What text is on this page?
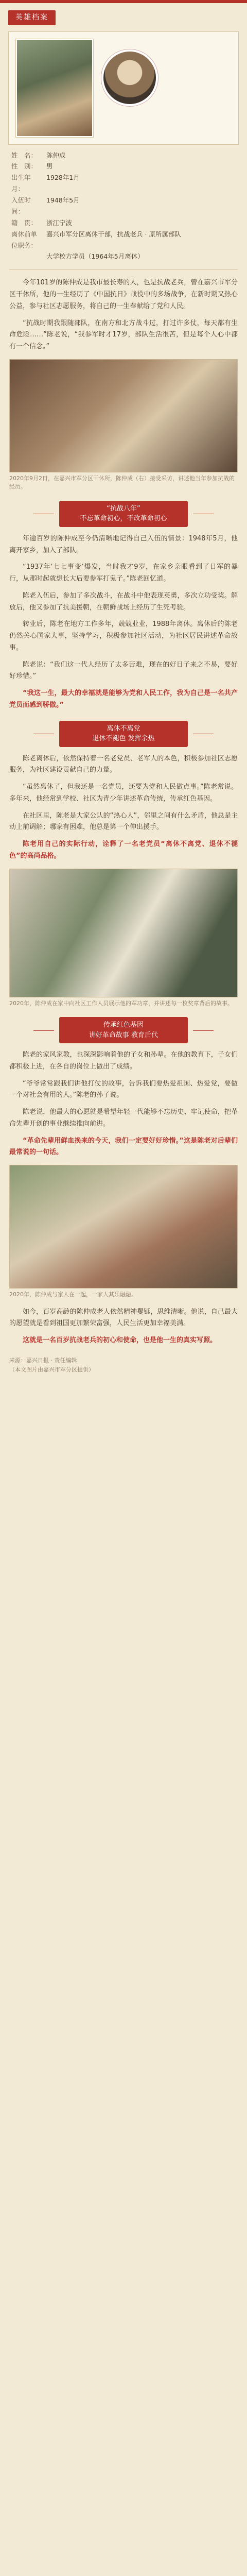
英雄档案
姓　名：	陈仲成
性　别：	男
出生年月：
1928年1月
入伍时间：
1948年5月
籍　贯：	浙江宁波
离休前单位职务：
嘉兴市军分区离休干部，抗战老兵 · 原所属部队
大学校方学员（1964年5月离休）

今年101岁的陈仲成是我市最长寿的人，也是抗战老兵，曾在嘉兴市军分区干休所，他的一生经历了《中国抗日》战役中的多场战争，在新时期又热心公益，参与社区志愿服务，将自己的一生奉献给了党和人民。

“抗战时期我跟随部队，在南方和北方战斗过，打过许多仗，每天都有生命危险……”陈老说，“我参军时才17岁，部队生活很苦，但是每个人心中都有一个信念。”

2020年9月2日，在嘉兴市军分区干休所，陈仲成（右）接受采访，讲述他当年参加抗战的经历。
“抗战八年”
不忘革命初心，不改革命初心

年逾百岁的陈仲成至今仍清晰地记得自己入伍的情景：1948年5月，他离开家乡，加入了部队。

“1937年‘七七事变’爆发，当时我才9岁，在家乡亲眼看到了日军的暴行，从那时起就想长大后要参军打鬼子。”陈老回忆道。

陈老入伍后，参加了多次战斗，在战斗中他表现英勇，多次立功受奖。解放后，他又参加了抗美援朝，在朝鲜战场上经历了生死考验。

转业后，陈老在地方工作多年，兢兢业业，1988年离休。离休后的陈老仍然关心国家大事，坚持学习，积极参加社区活动，为社区居民讲述革命故事。

陈老说：“我们这一代人经历了太多苦难，现在的好日子来之不易，要好好珍惜。”

“我这一生，最大的幸福就是能够为党和人民工作，我为自己是一名共产党员而感到骄傲。”

离休不离党
退休不褪色 发挥余热

陈老离休后，依然保持着一名老党员、老军人的本色，积极参加社区志愿服务，为社区建设贡献自己的力量。

“虽然离休了，但我还是一名党员，还要为党和人民做点事。”陈老常说。多年来，他经常到学校、社区为青少年讲述革命传统，传承红色基因。

在社区里，陈老是大家公认的“热心人”，邻里之间有什么矛盾，他总是主动上前调解；哪家有困难，他总是第一个伸出援手。

陈老用自己的实际行动，诠释了一名老党员“离休不离党、退休不褪色”的高尚品格。

2020年，陈仲成在家中向社区工作人员展示他的军功章，并讲述每一枚奖章背后的故事。
传承红色基因
讲好革命故事 教育后代

陈老的家风家教，也深深影响着他的子女和孙辈。在他的教育下，子女们都积极上进，在各自的岗位上做出了成绩。

“爷爷常常跟我们讲他打仗的故事，告诉我们要热爱祖国、热爱党，要做一个对社会有用的人。”陈老的孙子说。

陈老说，他最大的心愿就是希望年轻一代能够不忘历史、牢记使命，把革命先辈开创的事业继续推向前进。

“革命先辈用鲜血换来的今天，我们一定要好好珍惜。”这是陈老对后辈们最常说的一句话。

2020年，陈仲成与家人在一起，一家人其乐融融。

如今，百岁高龄的陈仲成老人依然精神矍铄，思维清晰。他说，自己最大的愿望就是看到祖国更加繁荣富强，人民生活更加幸福美满。

这就是一名百岁抗战老兵的初心和使命，也是他一生的真实写照。

来源：嘉兴日报 · 责任编辑
（本文图片由嘉兴市军分区提供）
